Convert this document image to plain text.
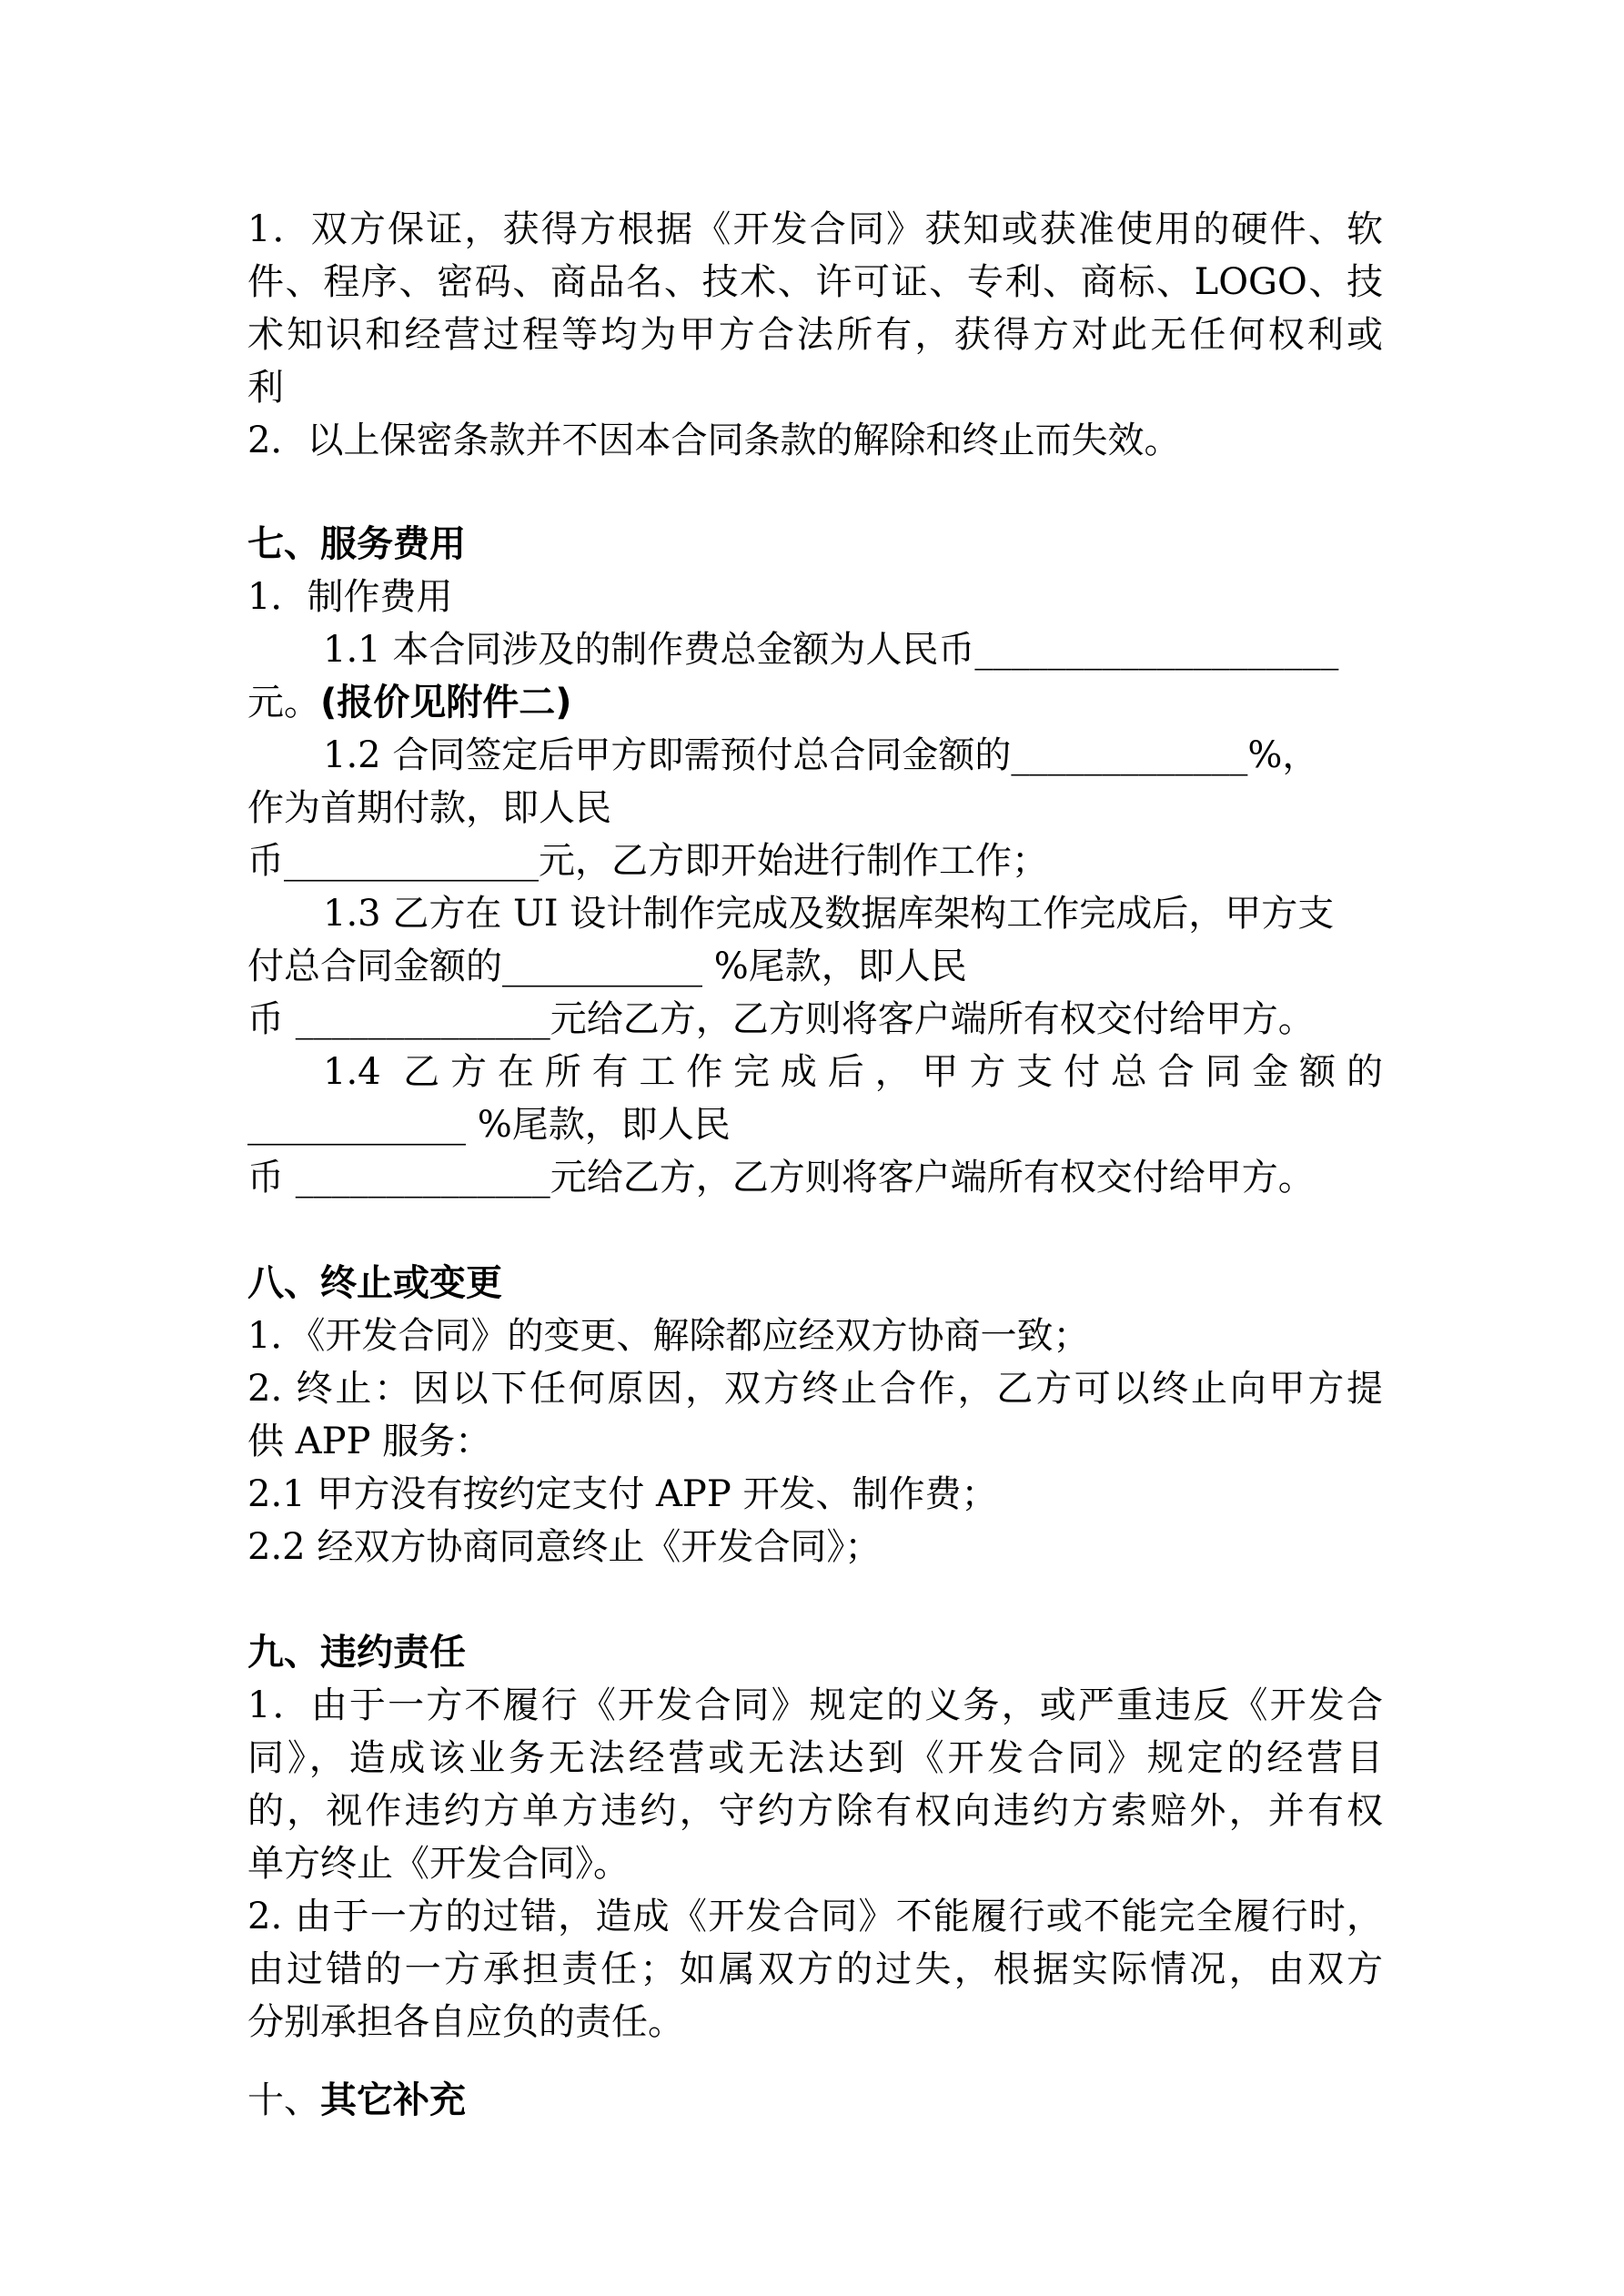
1．双方保证，获得方根据《开发合同》获知或获准使用的硬件、软
件、程序、密码、商品名、技术、许可证、专利、商标、LOGO、技
术知识和经营过程等均为甲方合法所有，获得方对此无任何权利或
利
2．以上保密条款并不因本合同条款的解除和终止而失效。
七、服务费用
1．制作费用
1.1 本合同涉及的制作费总金额为人民币____________________
元。(报价见附件二)
1.2 合同签定后甲方即需预付总合同金额的_____________%，
作为首期付款，即人民
币______________元，乙方即开始进行制作工作；
1.3 乙方在 UI 设计制作完成及数据库架构工作完成后，甲方支
付总合同金额的___________ %尾款，即人民
币 ______________元给乙方，乙方则将客户端所有权交付给甲方。
1.4 乙方在所有工作完成后，甲方支付总合同金额的
____________ %尾款，即人民
币 ______________元给乙方，乙方则将客户端所有权交付给甲方。
八、终止或变更
1．《开发合同》的变更、解除都应经双方协商一致；
2. 终止：因以下任何原因，双方终止合作，乙方可以终止向甲方提
供 APP 服务：
2.1 甲方没有按约定支付 APP 开发、制作费；
2.2 经双方协商同意终止《开发合同》；
九、违约责任
1．由于一方不履行《开发合同》规定的义务，或严重违反《开发合
同》，造成该业务无法经营或无法达到《开发合同》规定的经营目
的，视作违约方单方违约，守约方除有权向违约方索赔外，并有权
单方终止《开发合同》。
2. 由于一方的过错，造成《开发合同》不能履行或不能完全履行时，
由过错的一方承担责任；如属双方的过失，根据实际情况，由双方
分别承担各自应负的责任。
十、其它补充
